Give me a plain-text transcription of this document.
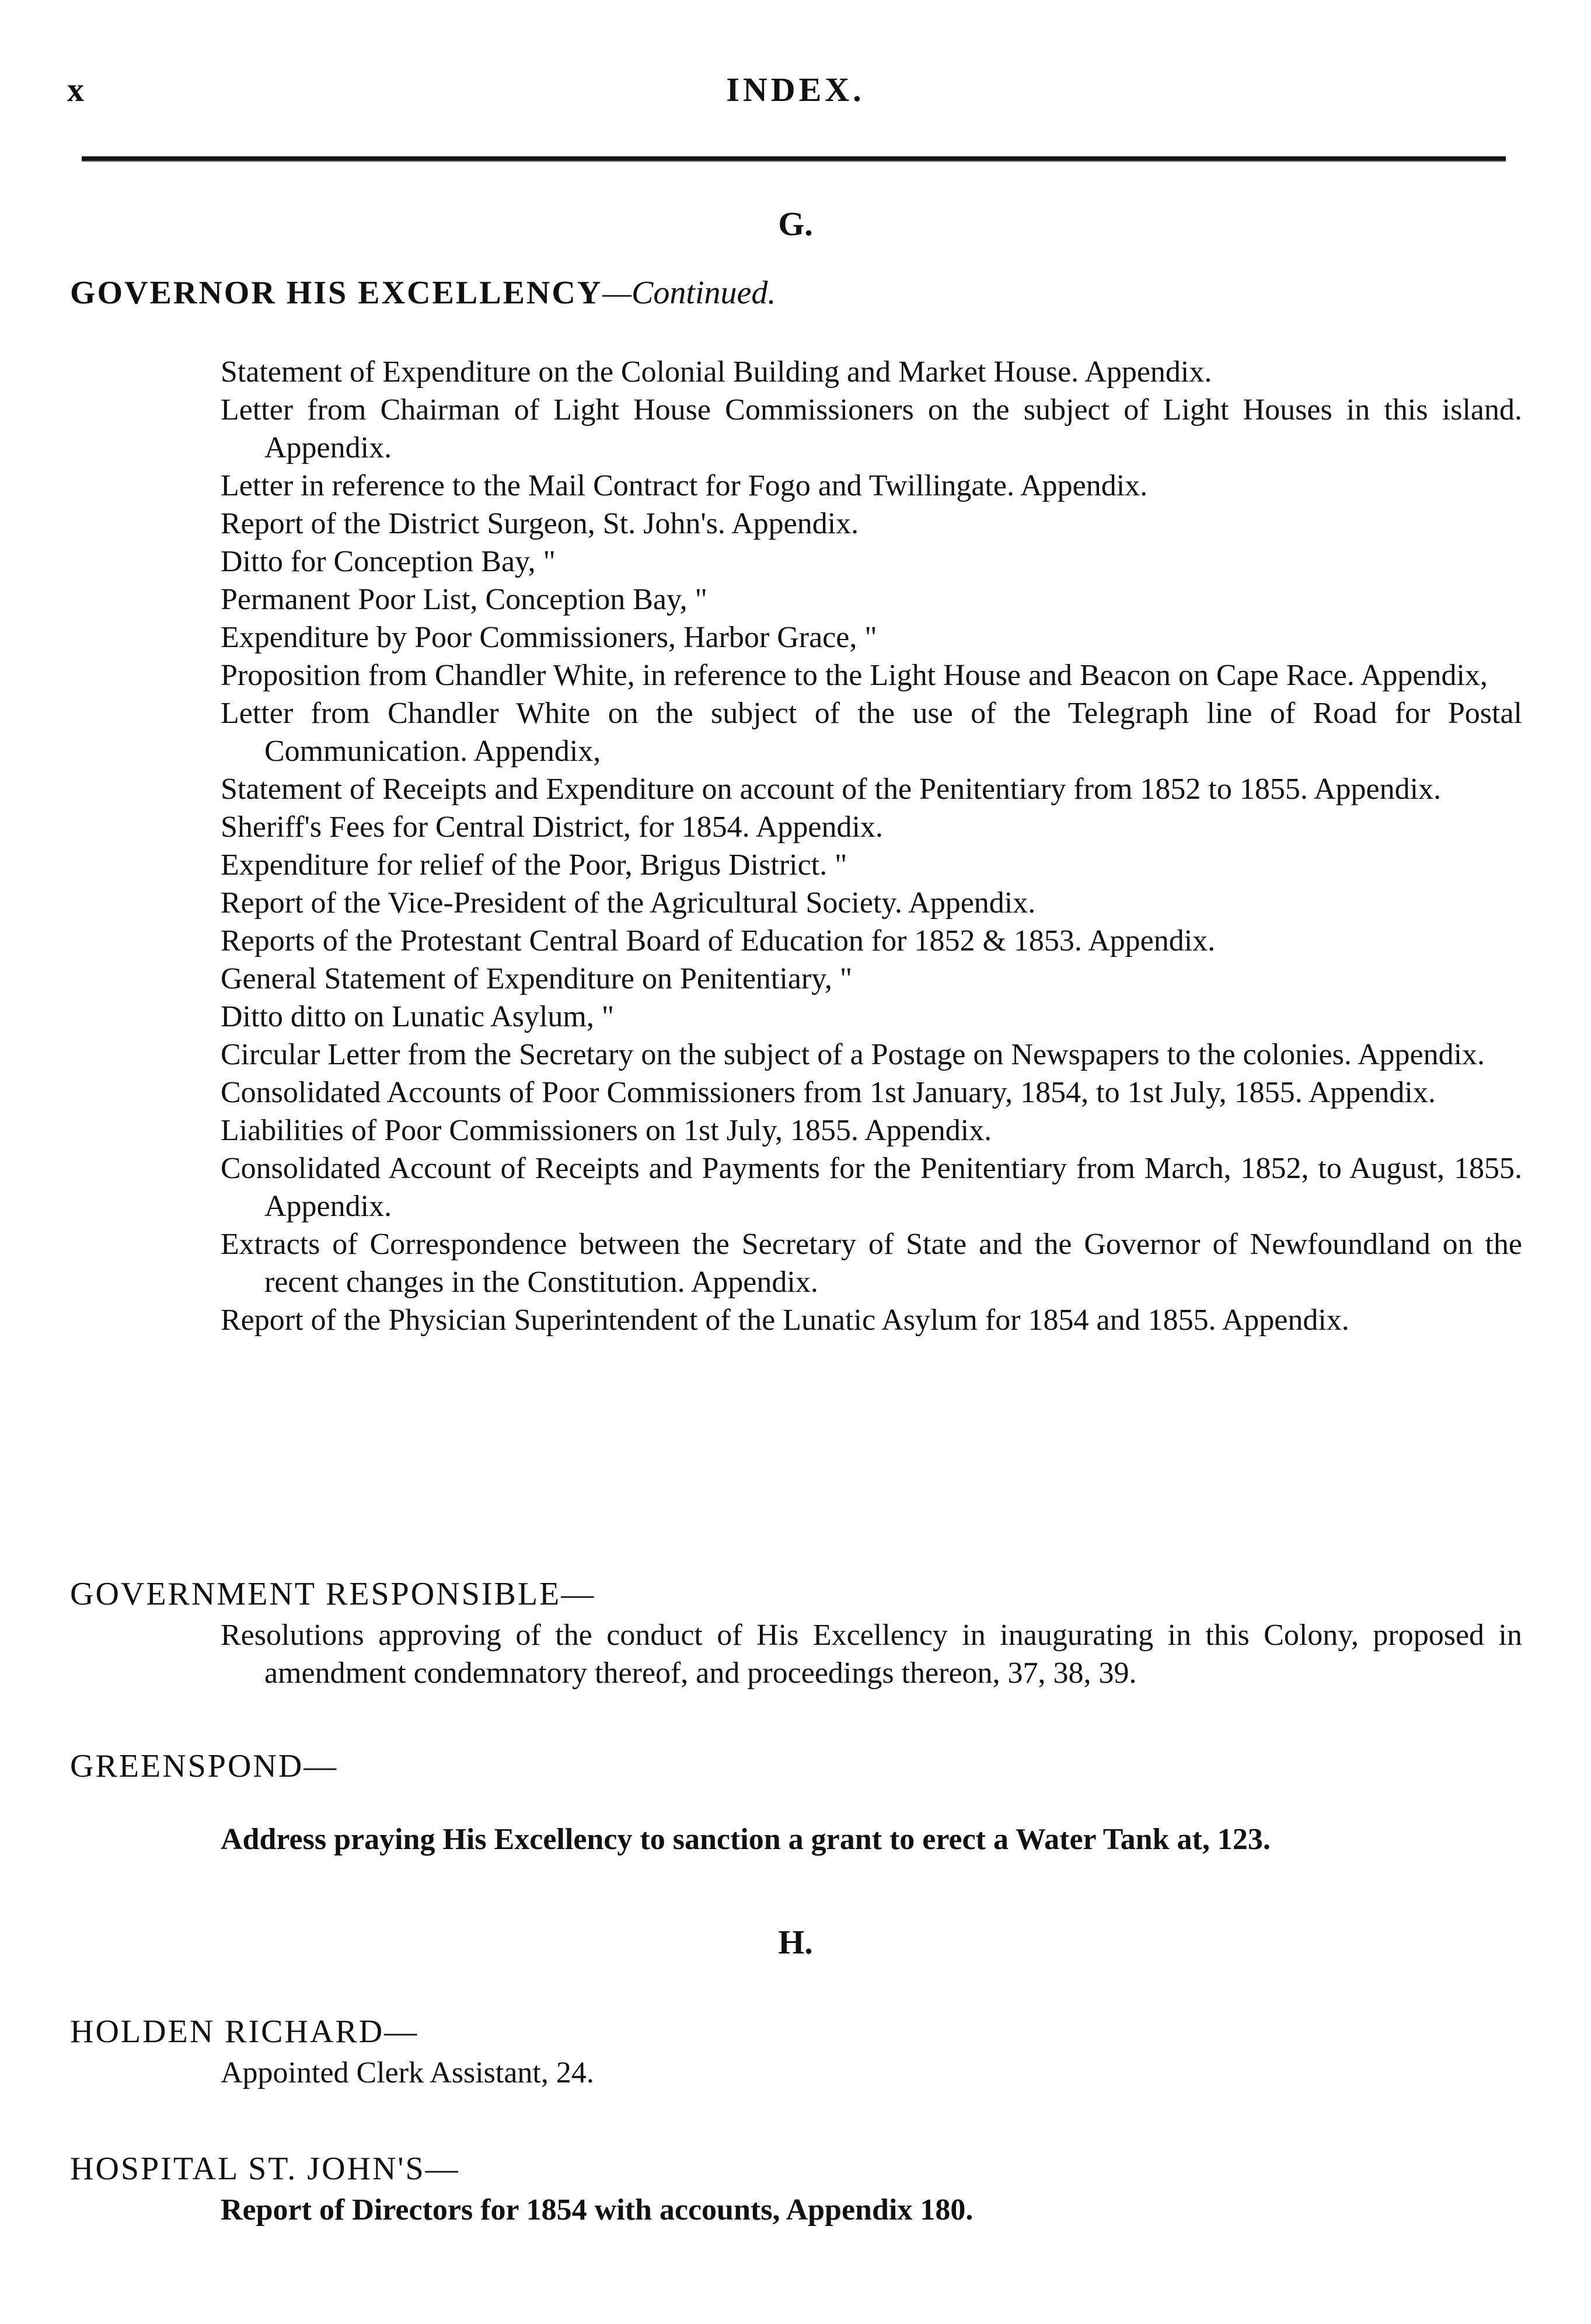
x	INDEX.
G.
GOVERNOR HIS EXCELLENCY—Continued.
Statement of Expenditure on the Colonial Building and Market House. Appendix.
Letter from Chairman of Light House Commissioners on the subject of Light Houses in this island. Appendix.
Letter in reference to the Mail Contract for Fogo and Twillingate. Appendix.
Report of the District Surgeon, St. John's. Appendix.
Ditto for Conception Bay, "
Permanent Poor List, Conception Bay, "
Expenditure by Poor Commissioners, Harbor Grace, "
Proposition from Chandler White, in reference to the Light House and Beacon on Cape Race. Appendix,
Letter from Chandler White on the subject of the use of the Telegraph line of Road for Postal Communication. Appendix,
Statement of Receipts and Expenditure on account of the Penitentiary from 1852 to 1855. Appendix.
Sheriff's Fees for Central District, for 1854. Appendix.
Expenditure for relief of the Poor, Brigus District. "
Report of the Vice-President of the Agricultural Society. Appendix.
Reports of the Protestant Central Board of Education for 1852 & 1853. Appendix.
General Statement of Expenditure on Penitentiary, "
Ditto ditto on Lunatic Asylum, "
Circular Letter from the Secretary on the subject of a Postage on Newspapers to the colonies. Appendix.
Consolidated Accounts of Poor Commissioners from 1st January, 1854, to 1st July, 1855. Appendix.
Liabilities of Poor Commissioners on 1st July, 1855. Appendix.
Consolidated Account of Receipts and Payments for the Penitentiary from March, 1852, to August, 1855. Appendix.
Extracts of Correspondence between the Secretary of State and the Governor of Newfoundland on the recent changes in the Constitution. Appendix.
Report of the Physician Superintendent of the Lunatic Asylum for 1854 and 1855. Appendix.
GOVERNMENT RESPONSIBLE—
Resolutions approving of the conduct of His Excellency in inaugurating in this Colony, proposed in amendment condemnatory thereof, and proceedings thereon, 37, 38, 39.
GREENSPOND—
Address praying His Excellency to sanction a grant to erect a Water Tank at, 123.
H.
HOLDEN RICHARD—
Appointed Clerk Assistant, 24.
HOSPITAL ST. JOHN'S—
Report of Directors for 1854 with accounts, Appendix 180.
